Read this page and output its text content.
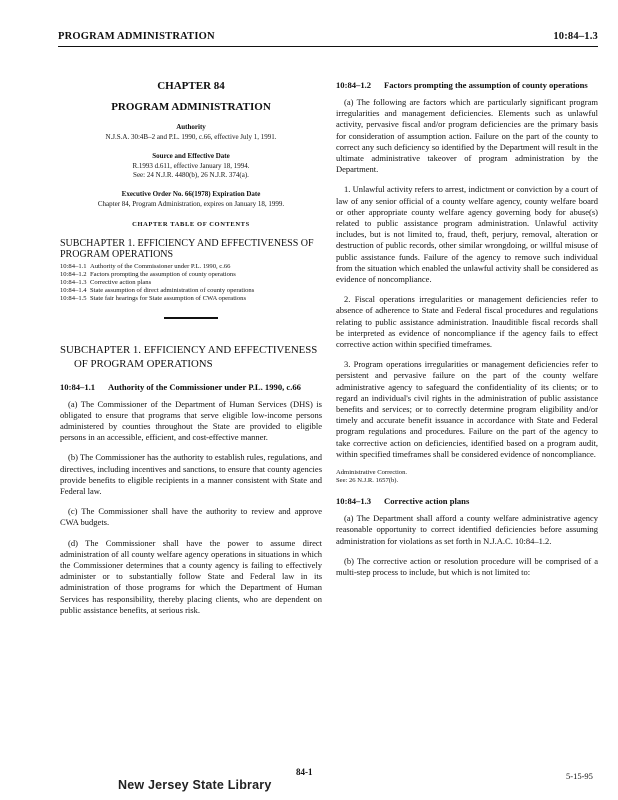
PROGRAM ADMINISTRATION	10:84–1.3
CHAPTER 84
PROGRAM ADMINISTRATION
Authority
N.J.S.A. 30:4B–2 and P.L. 1990, c.66, effective July 1, 1991.
Source and Effective Date
R.1993 d.611, effective January 18, 1994.
See: 24 N.J.R. 4480(b), 26 N.J.R. 374(a).
Executive Order No. 66(1978) Expiration Date
Chapter 84, Program Administration, expires on January 18, 1999.
CHAPTER TABLE OF CONTENTS
SUBCHAPTER 1. EFFICIENCY AND EFFECTIVENESS OF PROGRAM OPERATIONS
10:84–1.1 Authority of the Commissioner under P.L. 1990, c.66
10:84–1.2 Factors prompting the assumption of county operations
10:84–1.3 Corrective action plans
10:84–1.4 State assumption of direct administration of county operations
10:84–1.5 State fair hearings for State assumption of CWA operations
SUBCHAPTER 1. EFFICIENCY AND EFFECTIVENESS OF PROGRAM OPERATIONS
10:84–1.1	Authority of the Commissioner under P.L. 1990, c.66

(a) The Commissioner of the Department of Human Services (DHS) is obligated to ensure that programs that serve eligible low-income persons administered by counties throughout the State are provided to eligible persons in an accessible, efficient, and cost-effective manner.

(b) The Commissioner has the authority to establish rules, regulations, and directives, including incentives and sanctions, to ensure that county agencies provide benefits to eligible recipients in a manner consistent with State and Federal law.

(c) The Commissioner shall have the authority to review and approve CWA budgets.

(d) The Commissioner shall have the power to assume direct administration of all county welfare agency operations in situations in which the Commissioner determines that a county agency is failing to effectively administer or to substantially follow State and Federal law in its administration of those programs for which the Department of Human Services has responsibility, thereby placing clients, who are dependent on public assistance benefits, at serious risk.

10:84–1.2	Factors prompting the assumption of county operations

(a) The following are factors which are particularly significant program irregularities and management deficiencies. Elements such as unlawful activity, pervasive fiscal and/or program deficiencies are the primary basis for consideration of assumption action. Failure on the part of the county to correct any such deficiency so identified by the Department will result in the ultimate administrative takeover of program administration by the Department.

1. Unlawful activity refers to arrest, indictment or conviction by a court of law of any senior official of a county welfare agency, county welfare board or other appropriate county welfare agency governing body for abuse(s) related to public assistance program administration. Unlawful activity includes, but is not limited to, fraud, theft, perjury, removal, alteration or destruction of public records, other similar wrongdoing, or willful misuse of public assistance funds. Failure of the agency to remove such individual from the situation which enabled the unlawful activity shall be considered as evidence of noncompliance.

2. Fiscal operations irregularities or management deficiencies refer to absence of adherence to State and Federal fiscal procedures and regulations relating to public assistance administration. Inauditible fiscal records shall be interpreted as evidence of noncompliance if the agency fails to effect corrective action within specified timeframes.

3. Program operations irregularities or management deficiencies refer to persistent and pervasive failure on the part of the county welfare administrative agency to safeguard the confidentiality of its clients; or to regard an individual's civil rights in the administration of public assistance benefits and services; or to correctly determine program eligibility and/or timely and accurate benefit issuance in accordance with State and Federal program regulations and procedures. Failure on the part of the agency to take corrective action on deficiencies, identified based on a program audit, within specified timeframes shall be considered evidence of noncompliance.

Administrative Correction.
See: 26 N.J.R. 1657(b).
10:84–1.3	Corrective action plans

(a) The Department shall afford a county welfare administrative agency reasonable opportunity to correct identified deficiencies before assuming administration for violations as set forth in N.J.A.C. 10:84–1.2.

(b) The corrective action or resolution procedure will be comprised of a multi-step process to include, but which is not limited to:

84-1	5-15-95
New Jersey State Library
